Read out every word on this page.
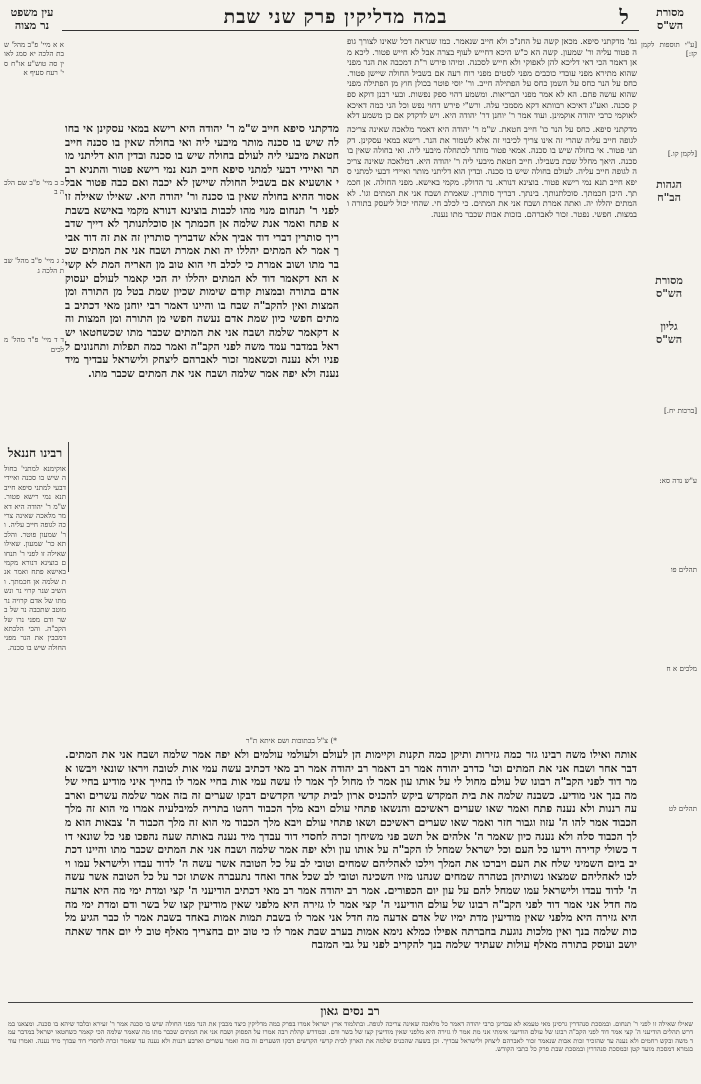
ל
במה מדליקין פרק שני שבת	מסורת
הש"ס
עין משפט
נר מצוה
[ע"י תוספות לקמן קז:]
[לקמן קו.]
הגהות
הב"ח
מסורת
הש"ס
גליון
הש"ס
[ברכות יח.]
ע"ש נדה סא:
תהלים פו
מלכים א ח
תהלים לט
א א מיי' פ"ב מהל' שבת הלכה יא סמג לאוין סה טוש"ע או"ח סי' רעח סעיף א
ב ב מיי' פ"ב שם הלכה ב
ג ג מיי' פ"ב מהל' שבת הלכה ג
ד ד מיי' פ"ד מהל' מלכים
גמ' מדקתני סיפא. מכאן קשה על החנ"כ ולא חייב שנאמר. כמו שנראה דכל שאינו לצורך גופה פטור עליה ור' שמעון. קשה הא כ"ש היכא דחייש לעוף בצרה אבל לא חייש פטור. ליכא מאן דאמר הכי דאי דליכא להן לאפוקי ולא חייש לסכנה. ומיהו פירש ר"ת דמכבה את הנר מפני שהוא מתירא מפני עובדי כוכבים מפני לסטים מפני רוח רעה אם בשביל החולה שיישן פטור. כחס על הנר כחס על השמן כחס על הפתילה חייב. ור' יוסי פוטר בכולן חוץ מן הפתילה מפני שהוא עושה פחם. הא לא אמר מפני הבריאות. ומשמע דהוי ספק נפשות. ובעי רבנן דוקא ספק סכנה. ואע"ג דאיכא רבוותא דקא מסמכי עלה. ורש"י פירש דחוי נפש וכל הני כמה דאיכא לאוקמי כרבי יהודה אוקמינן. ועוד אמר ר' יוחנן דר' יהודה היא. ויש לדקדק אם כן משמע דלא
מדקתני סיפא. כחס על הנר כו' חייב חטאת. ש"מ ר' יהודה היא דאמר מלאכה שאינה צריכה לגופה חייב עליה שהרי זה אינו צריך לכיבוי זה אלא לשמור את הנר. רישא במאי עסקינן. דקתני פטור. אי בחולה שיש בו סכנה. אמאי פטור מותר לכתחלה מיבעי ליה. ואי בחולה שאין בו סכנה. היאך מחלל שבת בשבילו. חייב חטאת מיבעי ליה ר' יהודה היא. דמלאכה שאינה צריכה לגופה חייב עליה. לעולם בחולה שיש בו סכנה. ובדין הוא דליתני מותר ואיידי דבעי למתני סיפא חייב תנא נמי רישא פטור. בוצינא דנורא. נר הדולק. מקמי באישא. מפני החולה. אן חכמתך. היכן חכמתך. סוכלתנותך. בינתך. דבריך סותרין. שאמרת ושבח אני את המתים וגו'. לא המתים יהללו יה. ואתה אמרת ושבח אני את המתים. כי לכלב חי. שהחי יכול ליעסק בתורה ובמצות. חפשי. נפטר. זכור לאברהם. בזכות אבות שכבר מתו נענה.
מדקתני סיפא חייב ש"מ ר' יהודה היא רישא במאי עסקינן אי בחולה שיש בו סכנה מותר מיבעי ליה ואי בחולה שאין בו סכנה חייב חטאת מיבעי ליה לעולם בחולה שיש בו סכנה ובדין הוא דליתני מותר ואיידי דבעי למתני סיפא חייב תנא נמי רישא פטור והתניא רבי אושעיא אם בשביל החולה שיישן לא יכבה ואם כבה פטור אבל אסור ההיא בחולה שאין בו סכנה ור' יהודה היא. שאילו שאילה זו לפני ר' תנחום מנוי מהו לכבות בוצינא דנורא מקמי באישא בשבתא פתח ואמר אנת שלמה אן חכמתך אן סוכלתנותך לא דייך שדבריך סותרין דברי דוד אביך אלא שדבריך סותרין זה את זה דוד אביך אמר לא המתים יהללו יה ואת אמרת ושבח אני את המתים שכבר מתו ושוב אמרת כי לכלב חי הוא טוב מן האריה המת לא קשיא הא דקאמר דוד לא המתים יהללו יה הכי קאמר לעולם יעסוק אדם בתורה ובמצות קודם שימות שכיון שמת בטל מן התורה ומן המצות ואין להקב"ה שבח בו והיינו דאמר רבי יוחנן מאי דכתיב במתים חפשי כיון שמת אדם נעשה חפשי מן התורה ומן המצות והא דקאמר שלמה ושבח אני את המתים שכבר מתו שכשחטאו ישראל במדבר עמד משה לפני הקב"ה ואמר כמה תפלות ותחנונים לפניו ולא נענה וכשאמר זכור לאברהם ליצחק ולישראל עבדיך מיד נענה ולא יפה אמר שלמה ושבח אני את המתים שכבר מתו.
רבינו חננאל
אוקימנא למתני' בחולה שיש בו סכנה ואיידי דבעי למתני סיפא חייב תנא נמי רישא פטור. ש"מ ר' יהודה היא דאמר מלאכה שאינה צריכה לגופה חייב עליה. ור' שמעון פוטר. והלכתא כר' שמעון. שאילו שאילה זו לפני ר' תנחום בוצינא דנורא מקמי באישא פתח ואמר אנת שלמה אן חכמתך. והשיב שנר קרוי נר ונשמתו של אדם קרויה נר מוטב שתכבה נר של בשר ודם מפני נרו של הקב"ה. והכי הלכתא דמכבין את הנר מפני החולה שיש בו סכנה.
*) צ"ל בכתובות ושם איתא ת"ר
אותה ואילו משה רבינו גזר כמה גזירות ותיקן כמה תקנות וקיימות הן לעולם ולעולמי עולמים ולא יפה אמר שלמה ושבח אני את המתים. דבר אחר ושבח אני את המתים וכו' כדרב יהודה אמר רב דאמר רב יהודה אמר רב מאי דכתיב עשה עמי אות לטובה ויראו שונאי ויבשו אמר דוד לפני הקב"ה רבונו של עולם מחול לי על אותו עון אמר לו מחול לך אמר לו עשה עמי אות בחיי אמר לו בחייך איני מודיע בחיי שלמה בנך אני מודיע. כשבנה שלמה את בית המקדש ביקש להכניס ארון לבית קדשי הקדשים דבקו שערים זה בזה אמר שלמה עשרים וארבעה רננות ולא נענה פתח ואמר שאו שערים ראשיכם והנשאו פתחי עולם ויבא מלך הכבוד רהטו בתריה למיבלעיה אמרו מי הוא זה מלך הכבוד אמר להו ה' עזוז וגבור חזר ואמר שאו שערים ראשיכם ושאו פתחי עולם ויבא מלך הכבוד מי הוא זה מלך הכבוד ה' צבאות הוא מלך הכבוד סלה ולא נענה כיון שאמר ה' אלהים אל תשב פני משיחך זכרה לחסדי דוד עבדך מיד נענה באותה שעה נהפכו פני כל שונאי דוד כשולי קדירה וידעו כל העם וכל ישראל שמחל לו הקב"ה על אותו עון ולא יפה אמר שלמה ושבח אני את המתים שכבר מתו והיינו דכתיב ביום השמיני שלח את העם ויברכו את המלך וילכו לאהליהם שמחים וטובי לב על כל הטובה אשר עשה ה' לדוד עבדו ולישראל עמו וילכו לאהליהם שמצאו נשותיהן בטהרה שמחים שנהנו מזיו השכינה וטובי לב שכל אחד ואחד נתעברה אשתו זכר על כל הטובה אשר עשה ה' לדוד עבדו ולישראל עמו שמחל להם על עון יום הכפורים. אמר רב יהודה אמר רב מאי דכתיב הודיעני ה' קצי ומדת ימי מה היא אדעה מה חדל אני אמר דוד לפני הקב"ה רבונו של עולם הודיעני ה' קצי אמר לו גזירה היא מלפני שאין מודיעין קצו של בשר ודם ומדת ימי מה היא גזירה היא מלפני שאין מודיעין מדת ימיו של אדם אדעה מה חדל אני אמר לו בשבת תמות אמות באחד בשבת אמר לו כבר הגיע מלכות שלמה בנך ואין מלכות נוגעת בחברתה אפילו כמלא נימא אמות בערב שבת אמר לו כי טוב יום בחצריך מאלף טוב לי יום אחד שאתה יושב ועוסק בתורה מאלף עולות שעתיד שלמה בנך להקריב לפני על גבי המזבח
רב נסים גאון
שאילו שאילה זו לפני ר' תנחום. ובמסכת סנהדרין גרסינן מאי טעמא לא עבדינן כרבי יהודה דאמר כל מלאכה שאינה צריכה לגופה. ובתלמוד ארץ ישראל אמרו בפרק במה מדליקין כיצד מכבין את הנר מפני החולה שיש בו סכנה אמר ר' זעירא ובלבד שיהא בו סכנה. ומצאנו במדרש תהלים הודיעני ה' קצי אמר דוד לפני הקב"ה רבונו של עולם הודיעני אימתי אני מת אמר לו גזירה היא מלפני שאין מודיעין קצו של בשר ודם. ובמדרש קהלת רבה אמרו על הפסוק ושבח אני את המתים שכבר מתו מה שאמר שלמה הכי קאמר כשחטאו ישראל במדבר עמד משה ובקש רחמים ולא נענה עד שהזכיר זכות אבות שנאמר זכור לאברהם ליצחק ולישראל עבדיך. וכן בשעה שהכניס שלמה את הארון לבית קדשי הקדשים דבקו השערים זה בזה ואמר עשרים וארבע רננות ולא נענה עד שאמר זכרה לחסדי דוד עבדך מיד נענה. ואמרו עוד בגמרא דמסכת מועד קטן ובמסכת סנהדרין ובמסכת שבת פרק כל כתבי הקודש.
